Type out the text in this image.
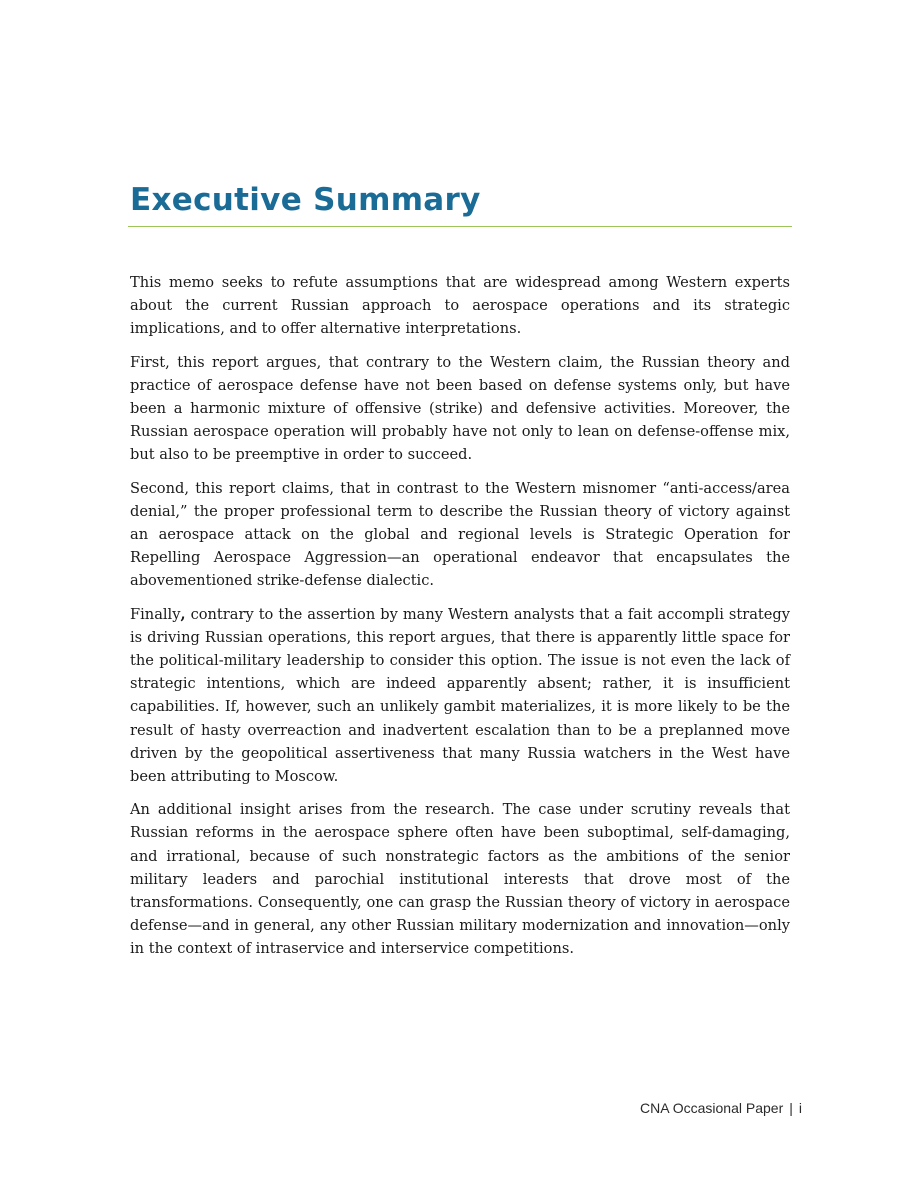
Executive Summary

This memo seeks to refute assumptions that are widespread among Western experts about the current Russian approach to aerospace operations and its strategic implications, and to offer alternative interpretations.

First, this report argues, that contrary to the Western claim, the Russian theory and practice of aerospace defense have not been based on defense systems only, but have been a harmonic mixture of offensive (strike) and defensive activities. Moreover, the Russian aerospace operation will probably have not only to lean on defense-offense mix, but also to be preemptive in order to succeed.

Second, this report claims, that in contrast to the Western misnomer “anti-access/area denial,” the proper professional term to describe the Russian theory of victory against an aerospace attack on the global and regional levels is Strategic Operation for Repelling Aerospace Aggression—an operational endeavor that encapsulates the abovementioned strike-defense dialectic.

Finally, contrary to the assertion by many Western analysts that a fait accompli strategy is driving Russian operations, this report argues, that there is apparently little space for the political-military leadership to consider this option. The issue is not even the lack of strategic intentions, which are indeed apparently absent; rather, it is insufficient capabilities. If, however, such an unlikely gambit materializes, it is more likely to be the result of hasty overreaction and inadvertent escalation than to be a preplanned move driven by the geopolitical assertiveness that many Russia watchers in the West have been attributing to Moscow.

An additional insight arises from the research. The case under scrutiny reveals that Russian reforms in the aerospace sphere often have been suboptimal, self-damaging, and irrational, because of such nonstrategic factors as the ambitions of the senior military leaders and parochial institutional interests that drove most of the transformations. Consequently, one can grasp the Russian theory of victory in aerospace defense—and in general, any other Russian military modernization and innovation—only in the context of intraservice and interservice competitions.

CNA Occasional Paper | i
